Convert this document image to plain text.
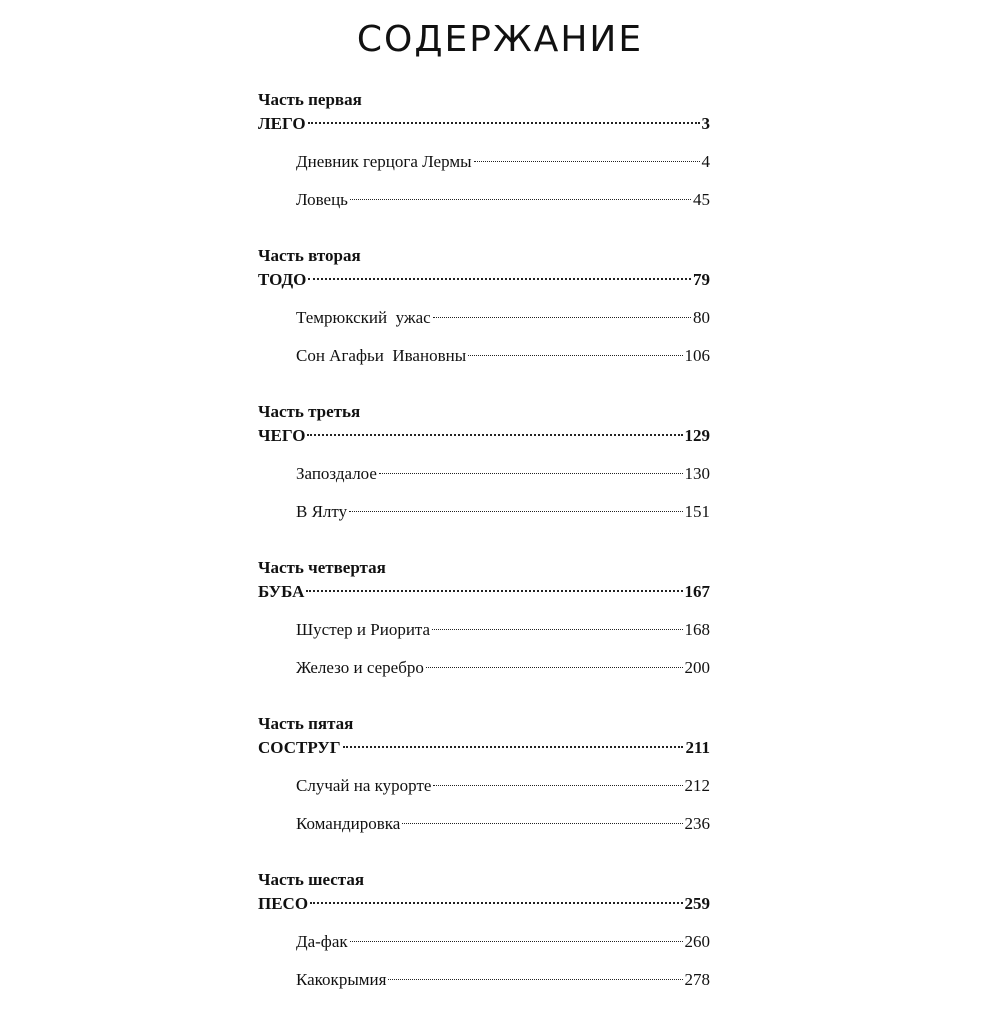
СОДЕРЖАНИЕ
Часть первая
ЛЕГО	3
Дневник герцога Лермы	4
Ловець	45
Часть вторая
ТОДО	79
Темрюкский  ужас	80
Сон Агафьи  Ивановны	106
Часть третья
ЧЕГО	129
Запоздалое	130
В Ялту	151
Часть четвертая
БУБА	167
Шустер и Риорита	168
Железо и серебро	200
Часть пятая
СОСТРУГ	211
Случай на курорте	212
Командировка	236
Часть шестая
ПЕСО	259
Да-фак	260
Какокрымия	278
